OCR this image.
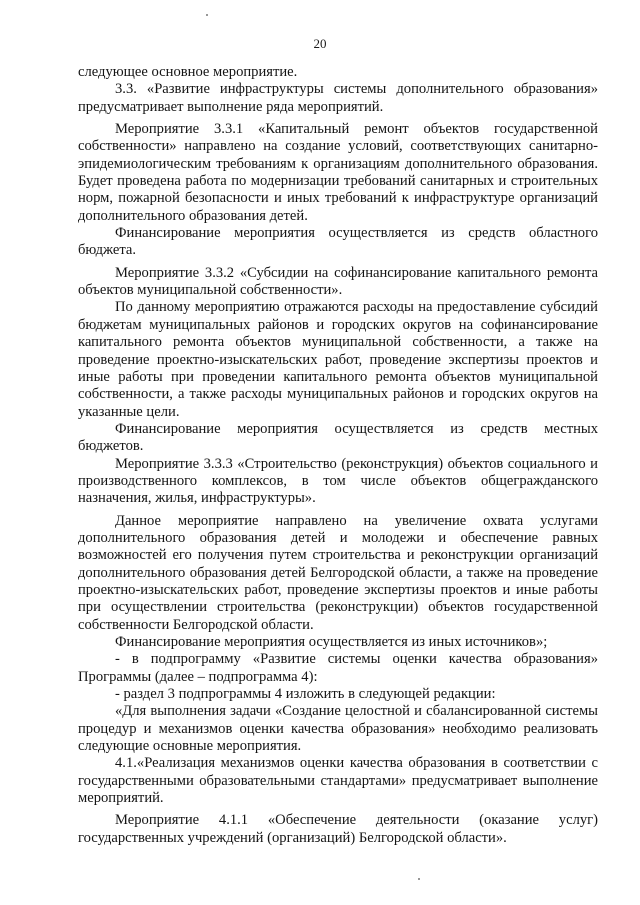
20

следующее основное мероприятие.

3.3. «Развитие инфраструктуры системы дополнительного образования» предусматривает выполнение ряда мероприятий.

Мероприятие 3.3.1 «Капитальный ремонт объектов государственной собственности» направлено на создание условий, соответствующих санитарно-эпидемиологическим требованиям к организациям дополнительного образования. Будет проведена работа по модернизации требований санитарных и строительных норм, пожарной безопасности и иных требований к инфраструктуре организаций дополнительного образования детей.

Финансирование мероприятия осуществляется из средств областного бюджета.

Мероприятие 3.3.2 «Субсидии на софинансирование капитального ремонта объектов муниципальной собственности».

По данному мероприятию отражаются расходы на предоставление субсидий бюджетам муниципальных районов и городских округов на софинансирование капитального ремонта объектов муниципальной собственности, а также на проведение проектно-изыскательских работ, проведение экспертизы проектов и иные работы при проведении капитального ремонта объектов муниципальной собственности, а также расходы муниципальных районов и городских округов на указанные цели.

Финансирование мероприятия осуществляется из средств местных бюджетов.

Мероприятие 3.3.3 «Строительство (реконструкция) объектов социального и производственного комплексов, в том числе объектов общегражданского назначения, жилья, инфраструктуры».

Данное мероприятие направлено на увеличение охвата услугами дополнительного образования детей и молодежи и обеспечение равных возможностей его получения путем строительства и реконструкции организаций дополнительного образования детей Белгородской области, а также на проведение проектно-изыскательских работ, проведение экспертизы проектов и иные работы при осуществлении строительства (реконструкции) объектов государственной собственности Белгородской области.

Финансирование мероприятия осуществляется из иных источников»;

- в подпрограмму «Развитие системы оценки качества образования» Программы (далее – подпрограмма 4):

- раздел 3 подпрограммы 4 изложить в следующей редакции:

«Для выполнения задачи «Создание целостной и сбалансированной системы процедур и механизмов оценки качества образования» необходимо реализовать следующие основные мероприятия.

4.1.«Реализация механизмов оценки качества образования в соответствии с государственными образовательными стандартами» предусматривает выполнение мероприятий.

Мероприятие 4.1.1 «Обеспечение деятельности (оказание услуг) государственных учреждений (организаций) Белгородской области».
